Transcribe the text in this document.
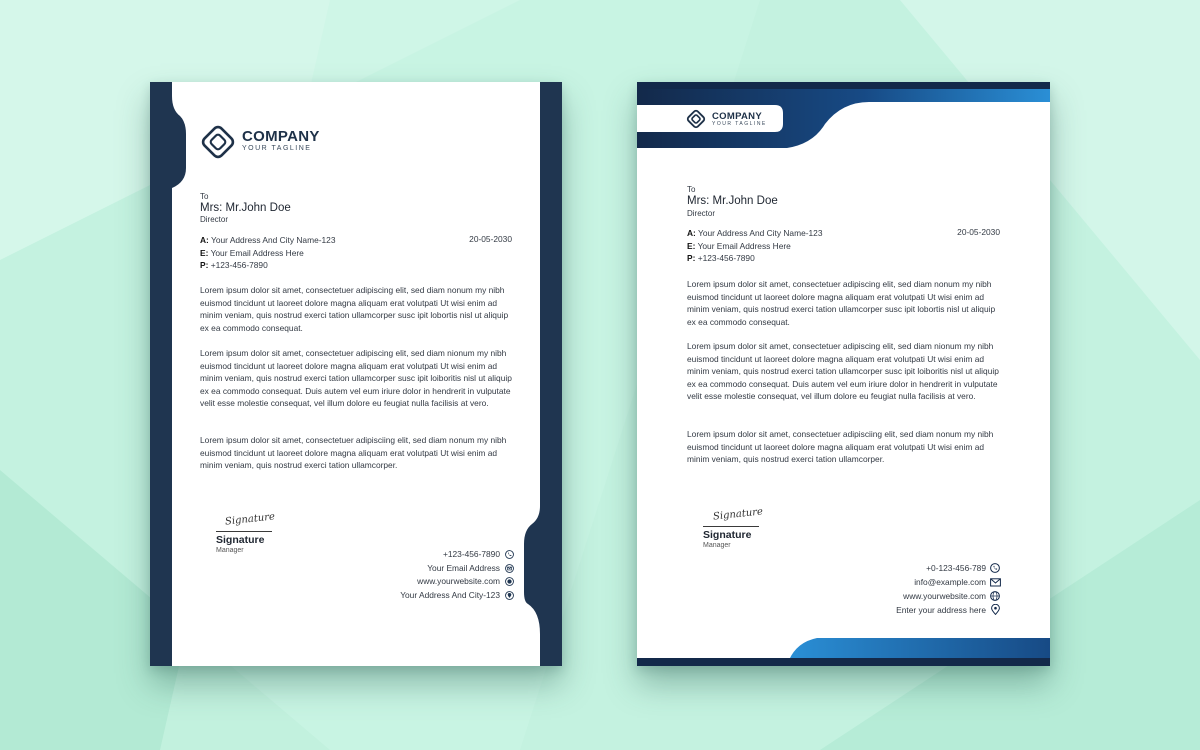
COMPANY
YOUR TAGLINE
To
Mrs: Mr.John Doe
Director
A: Your Address And City Name-123
E: Your Email Address Here
P: +123-456-7890
20-05-2030
Lorem ipsum dolor sit amet, consectetuer adipiscing elit, sed diam nonum my nibh euismod tincidunt ut laoreet dolore magna aliquam erat volutpati Ut wisi enim ad minim veniam, quis nostrud exerci tation ullamcorper susc ipit lobortis nisl ut aliquip ex ea commodo consequat.
Lorem ipsum dolor sit amet, consectetuer adipiscing elit, sed diam nionum my nibh euismod tincidunt ut laoreet dolore magna aliquam erat volutpati Ut wisi enim ad minim veniam, quis nostrud exerci tation ullamcorper susc ipit loiboritis nisl ut aliquip ex ea commodo consequat. Duis autem vel eum iriure dolor in hendrerit in vulputate velit esse molestie consequat, vel illum dolore eu feugiat nulla facilisis at vero.
Lorem ipsum dolor sit amet, consectetuer adipisciing elit, sed diam nonum my nibh euismod tincidunt ut laoreet dolore magna aliquam erat volutpati Ut wisi enim ad minim veniam, quis nostrud exerci tation ullamcorper.
Signature
Signature
Manager	+123-456-7890
Your Email Address
www.yourwebsite.com
Your Address And City-123
COMPANY
YOUR TAGLINE
To
Mrs: Mr.John Doe
Director
A: Your Address And City Name-123
E: Your Email Address Here
P: +123-456-7890
20-05-2030
Lorem ipsum dolor sit amet, consectetuer adipiscing elit, sed diam nonum my nibh euismod tincidunt ut laoreet dolore magna aliquam erat volutpati Ut wisi enim ad minim veniam, quis nostrud exerci tation ullamcorper susc ipit lobortis nisl ut aliquip ex ea commodo consequat.
Lorem ipsum dolor sit amet, consectetuer adipiscing elit, sed diam nionum my nibh euismod tincidunt ut laoreet dolore magna aliquam erat volutpati Ut wisi enim ad minim veniam, quis nostrud exerci tation ullamcorper susc ipit loiboritis nisl ut aliquip ex ea commodo consequat. Duis autem vel eum iriure dolor in hendrerit in vulputate velit esse molestie consequat, vel illum dolore eu feugiat nulla facilisis at vero.
Lorem ipsum dolor sit amet, consectetuer adipisciing elit, sed diam nonum my nibh euismod tincidunt ut laoreet dolore magna aliquam erat volutpati Ut wisi enim ad minim veniam, quis nostrud exerci tation ullamcorper.
Signature
Signature
Manager
+0-123-456-789
info@example.com
www.yourwebsite.com
Enter your address here
